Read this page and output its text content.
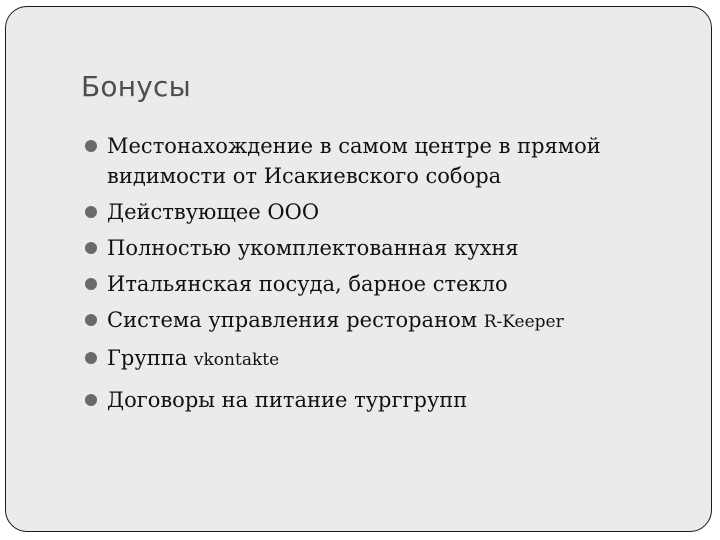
Бонусы
Местонахождение в самом центре в прямой видимости от Исакиевского собора
Действующее ООО
Полностью укомплектованная кухня
Итальянская посуда, барное стекло
Система управления рестораном R-Keeper
Группа vkontakte
Договоры на питание турггрупп
